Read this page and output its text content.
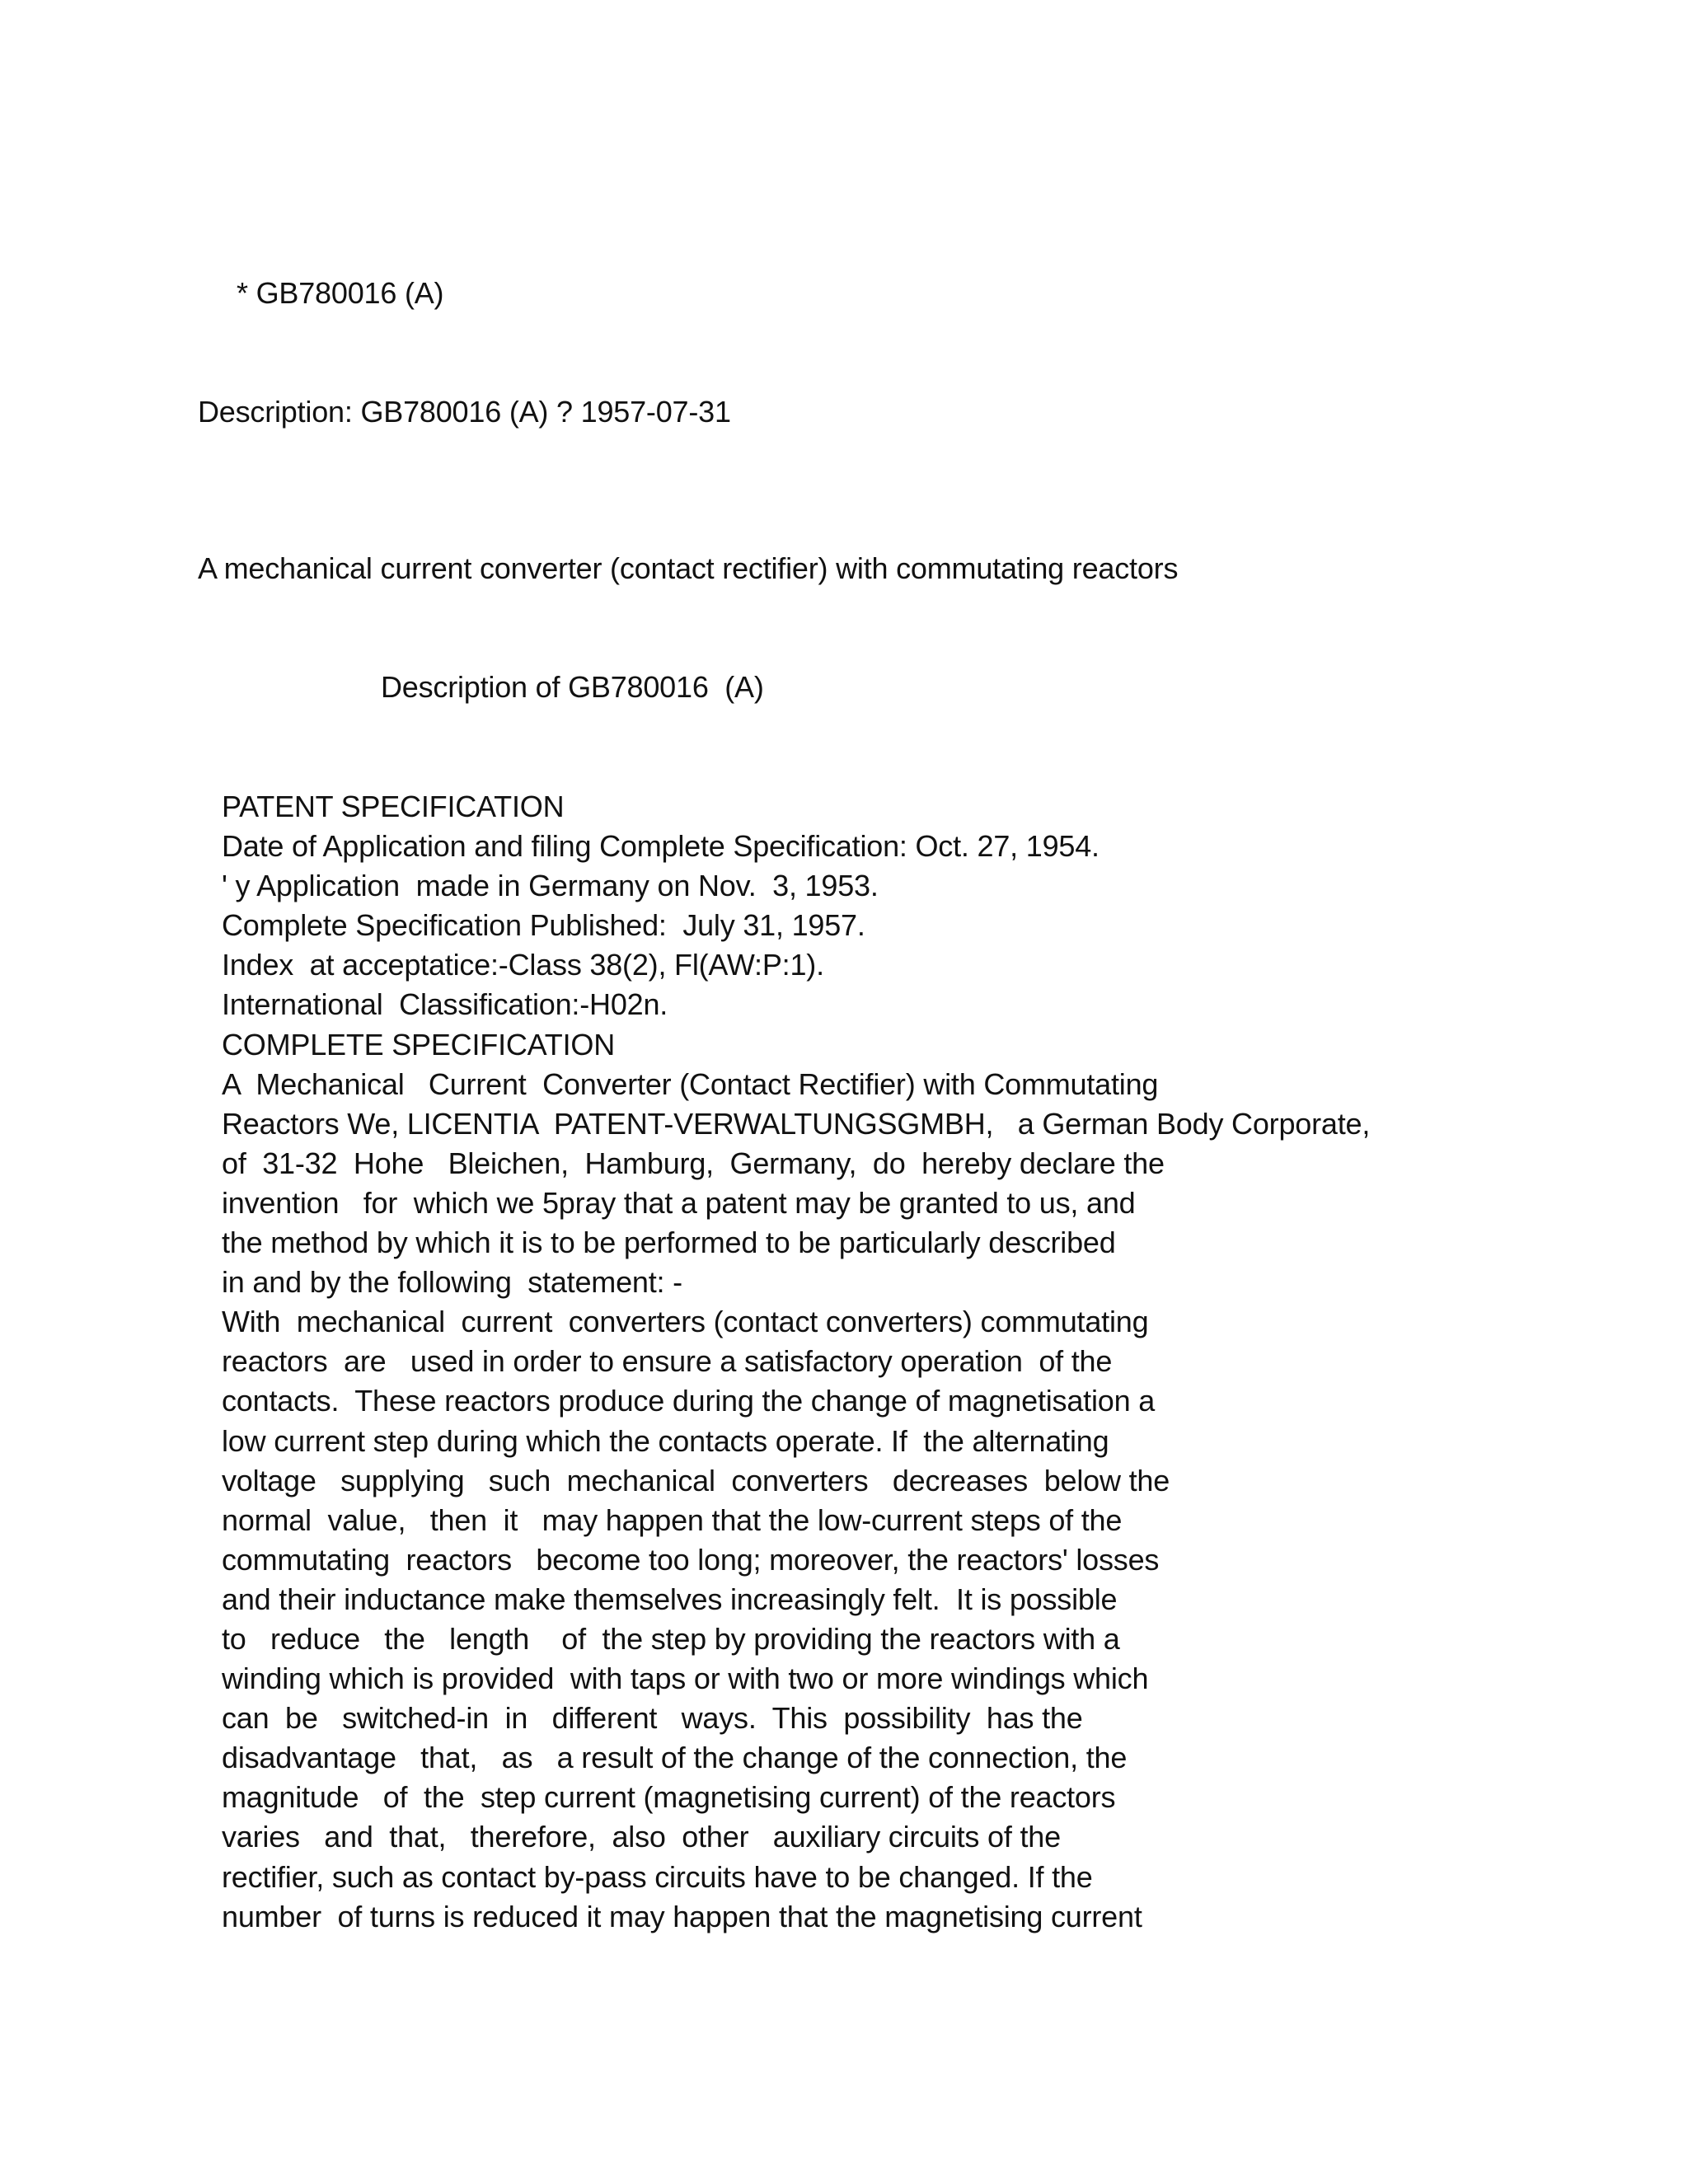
* GB780016 (A)
Description: GB780016 (A) ? 1957-07-31
A mechanical current converter (contact rectifier) with commutating reactors
Description of GB780016  (A)
PATENT SPECIFICATION
Date of Application and filing Complete Specification: Oct. 27, 1954.
' y Application  made in Germany on Nov.  3, 1953.
Complete Specification Published:  July 31, 1957.
Index  at acceptatice:-Class 38(2), Fl(AW:P:1).
International  Classification:-H02n.
COMPLETE SPECIFICATION
A  Mechanical   Current  Converter (Contact Rectifier) with Commutating
Reactors We, LICENTIA  PATENT-VERWALTUNGSGMBH,   a German Body Corporate,
of  31-32  Hohe   Bleichen,  Hamburg,  Germany,  do  hereby declare the
invention   for  which we 5pray that a patent may be granted to us, and
the method by which it is to be performed to be particularly described
in and by the following  statement: -
With  mechanical  current  converters (contact converters) commutating
reactors  are   used in order to ensure a satisfactory operation  of the
contacts.  These reactors produce during the change of magnetisation a
low current step during which the contacts operate. If  the alternating
voltage   supplying   such  mechanical  converters   decreases  below the
normal  value,   then  it   may happen that the low-current steps of the
commutating  reactors   become too long; moreover, the reactors' losses
and their inductance make themselves increasingly felt.  It is possible
to   reduce   the   length    of  the step by providing the reactors with a
winding which is provided  with taps or with two or more windings which
can  be   switched-in  in   different   ways.  This  possibility  has the
disadvantage   that,   as   a result of the change of the connection, the
magnitude   of  the  step current (magnetising current) of the reactors
varies   and  that,   therefore,  also  other   auxiliary circuits of the
rectifier, such as contact by-pass circuits have to be changed. If the
number  of turns is reduced it may happen that the magnetising current
